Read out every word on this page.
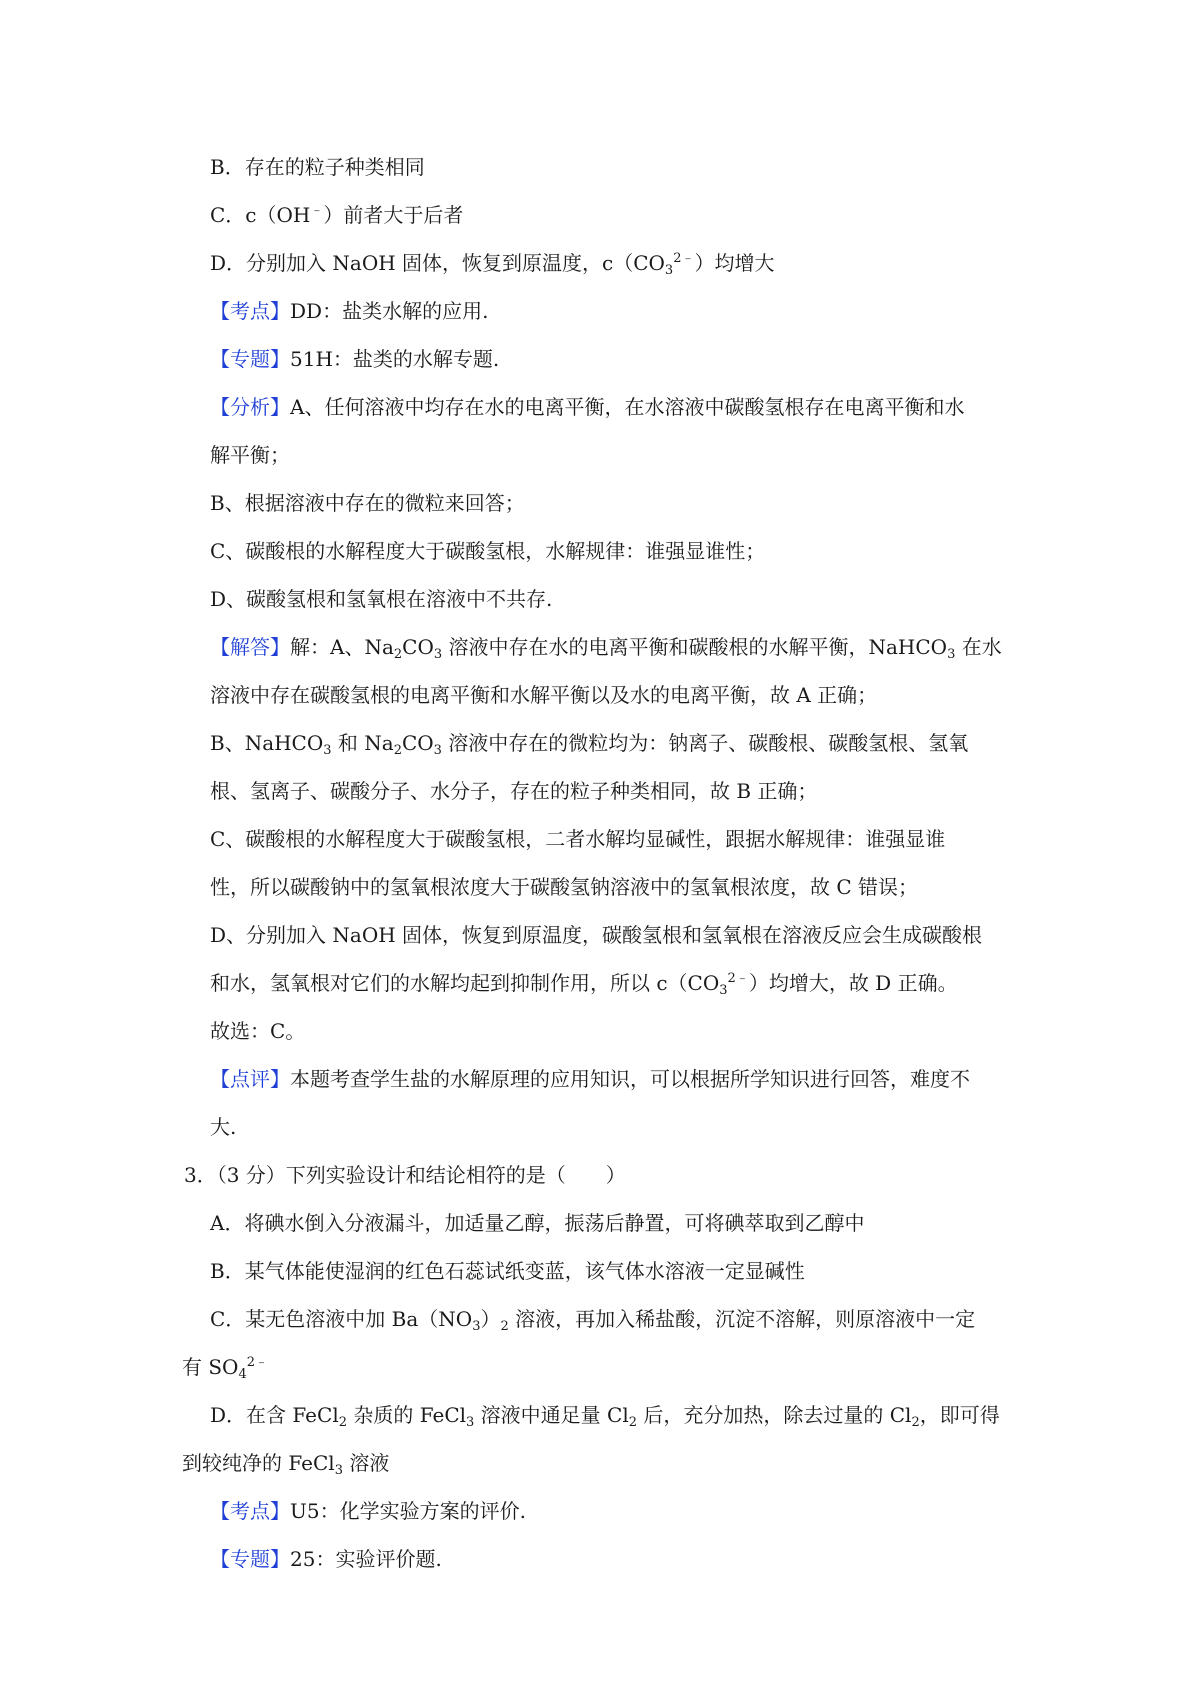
B．存在的粒子种类相同
C．c（OH﹣）前者大于后者
D．分别加入 NaOH 固体，恢复到原温度，$c(CO_3^{2﹣})$均增大
【考点】DD：盐类水解的应用.
【专题】51H：盐类的水解专题.
【分析】A、任何溶液中均存在水的电离平衡，在水溶液中碳酸氢根存在电离平衡和水
解平衡；
B、根据溶液中存在的微粒来回答；
C、碳酸根的水解程度大于碳酸氢根，水解规律：谁强显谁性；
D、碳酸氢根和氢氧根在溶液中不共存.
【解答】解：A、$Na_2CO_3$ 溶液中存在水的电离平衡和碳酸根的水解平衡，NaHCO$_3$ 在水
溶液中存在碳酸氢根的电离平衡和水解平衡以及水的电离平衡，故 A 正确；
B、NaHCO$_3$ 和 $Na_2CO_3$ 溶液中存在的微粒均为：钠离子、碳酸根、碳酸氢根、氢氧
根、氢离子、碳酸分子、水分子，存在的粒子种类相同，故 B 正确；
C、碳酸根的水解程度大于碳酸氢根，二者水解均显碱性，跟据水解规律：谁强显谁
性，所以碳酸钠中的氢氧根浓度大于碳酸氢钠溶液中的氢氧根浓度，故 C 错误；
D、分别加入 NaOH 固体，恢复到原温度，碳酸氢根和氢氧根在溶液反应会生成碳酸根
和水，氢氧根对它们的水解均起到抑制作用，所以 $c(CO_3^{2﹣})$均增大，故 D 正确。
故选：C。
【点评】本题考查学生盐的水解原理的应用知识，可以根据所学知识进行回答，难度不
大.
3．（3 分）下列实验设计和结论相符的是（　　）
A．将碘水倒入分液漏斗，加适量乙醇，振荡后静置，可将碘萃取到乙醇中
B．某气体能使湿润的红色石蕊试纸变蓝，该气体水溶液一定显碱性
C．某无色溶液中加 $Ba(NO_3)_2$ 溶液，再加入稀盐酸，沉淀不溶解，则原溶液中一定
有 $SO_4^{2﹣}$
D．在含 FeCl$_2$ 杂质的 FeCl$_3$ 溶液中通足量 $Cl_2$ 后，充分加热，除去过量的 $Cl_2$，即可得
到较纯净的 FeCl$_3$ 溶液
【考点】U5：化学实验方案的评价.
【专题】25：实验评价题.
